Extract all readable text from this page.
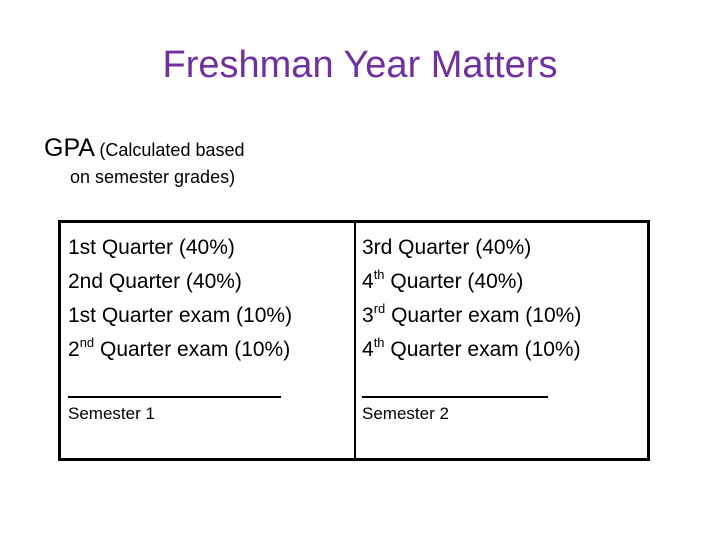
Freshman Year Matters
GPA (Calculated based
on semester grades)
1st Quarter (40%)
2nd Quarter (40%)
1st Quarter exam (10%)
2nd Quarter exam (10%)
Semester 1
3rd Quarter (40%)
4th Quarter (40%)
3rd Quarter exam (10%)
4th Quarter exam (10%)
Semester 2
